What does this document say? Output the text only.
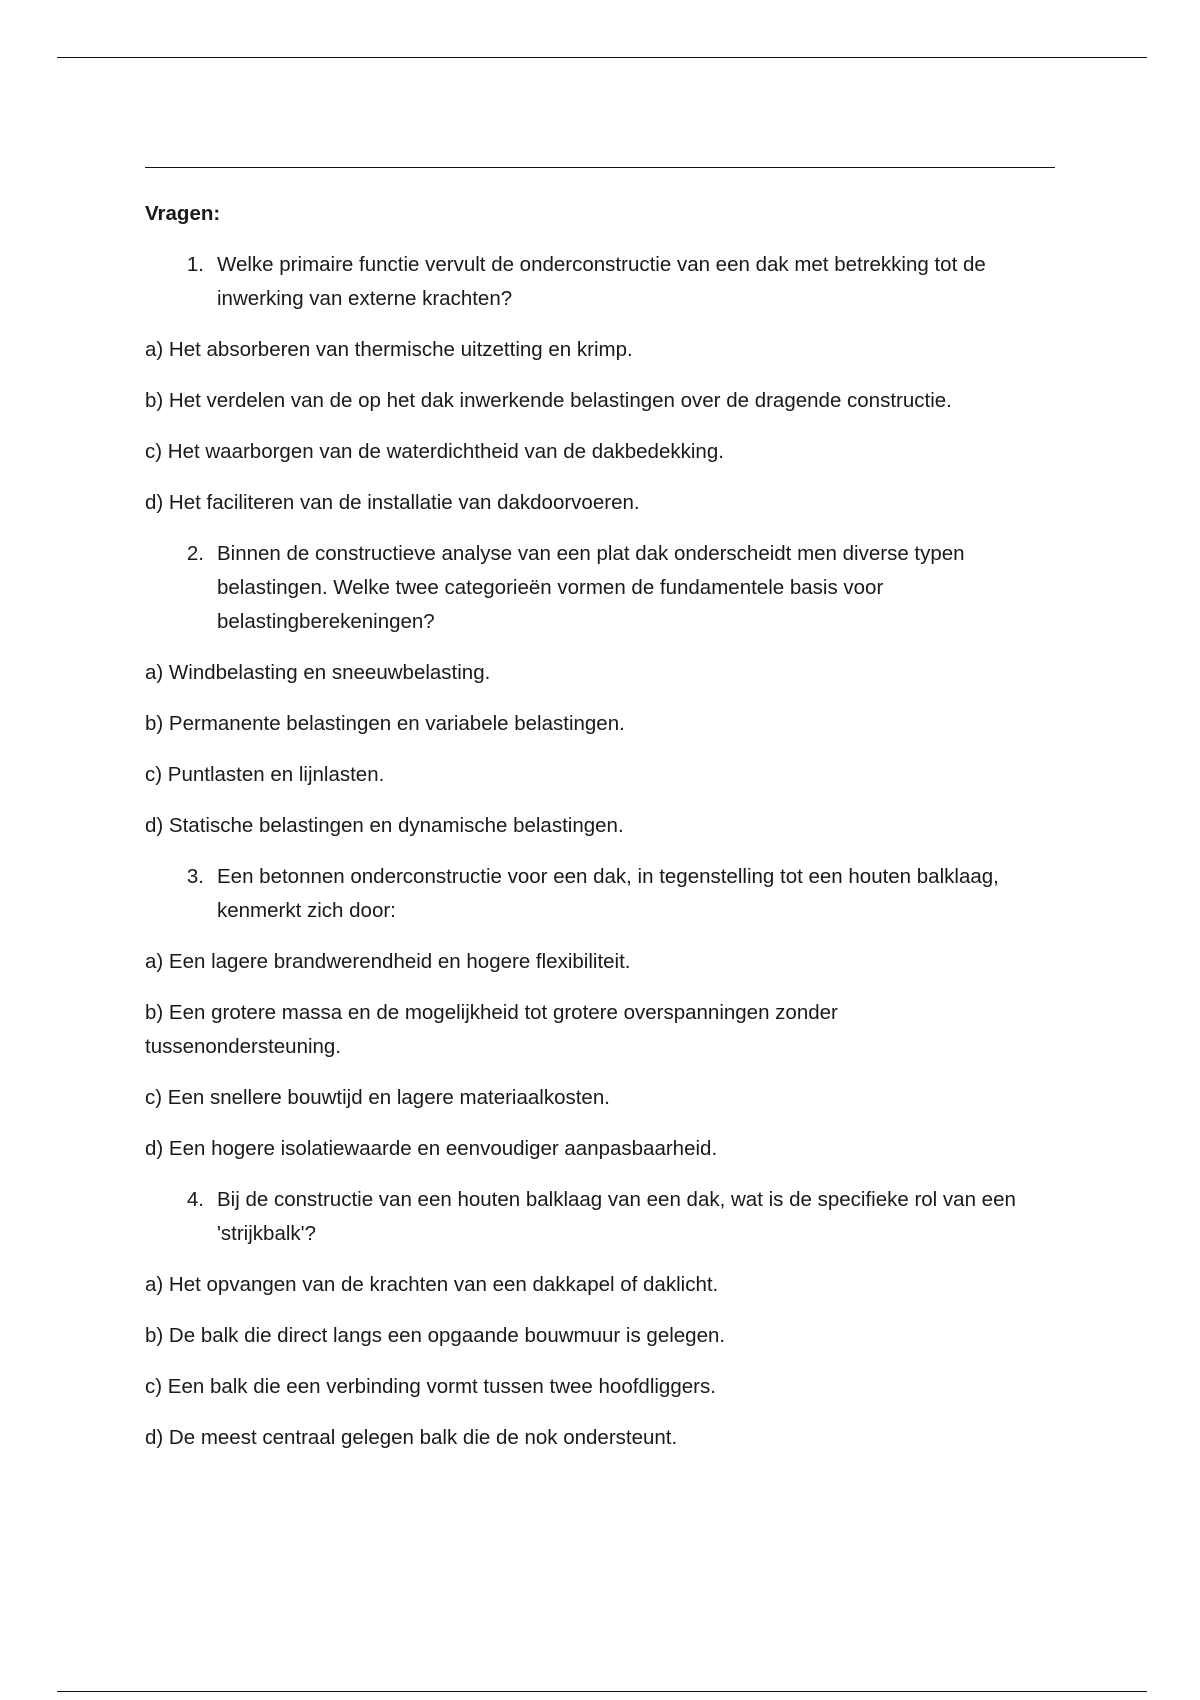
Vragen:
1. Welke primaire functie vervult de onderconstructie van een dak met betrekking tot de inwerking van externe krachten?
a) Het absorberen van thermische uitzetting en krimp.
b) Het verdelen van de op het dak inwerkende belastingen over de dragende constructie.
c) Het waarborgen van de waterdichtheid van de dakbedekking.
d) Het faciliteren van de installatie van dakdoorvoeren.
2. Binnen de constructieve analyse van een plat dak onderscheidt men diverse typen belastingen. Welke twee categorieën vormen de fundamentele basis voor belastingberekeningen?
a) Windbelasting en sneeuwbelasting.
b) Permanente belastingen en variabele belastingen.
c) Puntlasten en lijnlasten.
d) Statische belastingen en dynamische belastingen.
3. Een betonnen onderconstructie voor een dak, in tegenstelling tot een houten balklaag, kenmerkt zich door:
a) Een lagere brandwerendheid en hogere flexibiliteit.
b) Een grotere massa en de mogelijkheid tot grotere overspanningen zonder tussenondersteuning.
c) Een snellere bouwtijd en lagere materiaalkosten.
d) Een hogere isolatiewaarde en eenvoudiger aanpasbaarheid.
4. Bij de constructie van een houten balklaag van een dak, wat is de specifieke rol van een 'strijkbalk'?
a) Het opvangen van de krachten van een dakkapel of daklicht.
b) De balk die direct langs een opgaande bouwmuur is gelegen.
c) Een balk die een verbinding vormt tussen twee hoofdliggers.
d) De meest centraal gelegen balk die de nok ondersteunt.
